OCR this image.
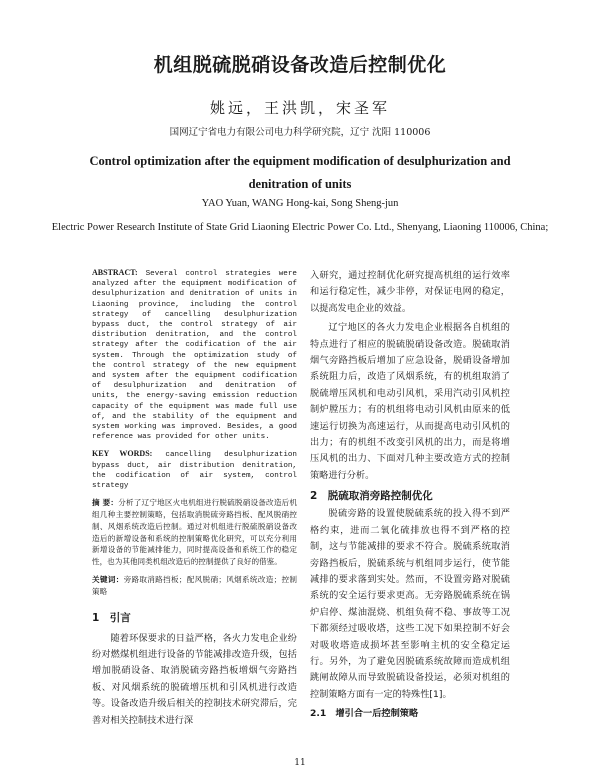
机组脱硫脱硝设备改造后控制优化
姚远，王洪凯，宋圣军
国网辽宁省电力有限公司电力科学研究院，辽宁 沈阳 110006
Control optimization after the equipment modification of desulphurization and denitration of units
YAO Yuan, WANG Hong-kai, Song Sheng-jun
Electric Power Research Institute of State Grid Liaoning Electric Power Co. Ltd., Shenyang, Liaoning 110006, China;

ABSTRACT: Several control strategies were analyzed after the equipment modification of desulphurization and denitration of units in Liaoning province, including the control strategy of cancelling desulphurization bypass duct, the control strategy of air distribution denitration, and the control strategy after the codification of the air system. Through the optimization study of the control strategy of the new equipment and system after the equipment codification of desulphurization and denitration of units, the energy-saving emission reduction capacity of the equipment was made full use of, and the stability of the equipment and system working was improved. Besides, a good reference was provided for other units.

KEY WORDS: cancelling desulphurization bypass duct, air distribution denitration, the codification of air system, control strategy

摘 要：分析了辽宁地区火电机组进行脱硫脱硝设备改造后机组几种主要控制策略，包括取消脱硫旁路挡板、配风脱硝控制、风烟系统改造后控制。通过对机组进行脱硫脱硝设备改造后的新增设备和系统的控制策略优化研究，可以充分利用新增设备的节能减排能力，同时提高设备和系统工作的稳定性，也为其他同类机组改造后的控制提供了良好的借鉴。

关键词：旁路取消路挡板；配风脱硝；风烟系统改造；控制策略

1　引言

随着环保要求的日益严格，各火力发电企业纷纷对燃煤机组进行设备的节能减排改造升级，包括增加脱硝设备、取消脱硫旁路挡板增烟气旁路挡板、对风烟系统的脱硫增压机和引风机进行改造等。设备改造升级后相关的控制技术研究滞后，完善对相关控制技术进行深

入研究，通过控制优化研究提高机组的运行效率和运行稳定性，减少非停，对保证电网的稳定，以提高发电企业的效益。

辽宁地区的各火力发电企业根据各自机组的特点进行了相应的脱硫脱硝设备改造。脱硫取消烟气旁路挡板后增加了应急设备，脱硝设备增加系统阻力后，改造了风烟系统，有的机组取消了脱硫增压风机和电动引风机，采用汽动引风机控制炉膛压力；有的机组将电动引风机由原来的低速运行切换为高速运行，从而提高电动引风机的出力；有的机组不改变引风机的出力，而是将增压风机的出力、下面对几种主要改造方式的控制策略进行分析。

2　脱硫取消旁路控制优化

脱硫旁路的设置使脱硫系统的投入得不到严格约束，进而二氧化硫排放也得不到严格的控制，这与节能减排的要求不符合。脱硫系统取消旁路挡板后，脱硫系统与机组同步运行，使节能减排的要求落到实处。然而，不设置旁路对脱硫系统的安全运行要求更高。无旁路脱硫系统在锅炉启停、煤油混烧、机组负荷不稳、事故等工况下都须经过吸收塔，这些工况下如果控制不好会对吸收塔造成损坏甚至影响主机的安全稳定运行。另外，为了避免因脱硫系统故障而造成机组跳闸故障从而导致脱硫设备投运，必须对机组的控制策略方面有一定的特殊性[1]。

2.1　增引合一后控制策略

11
